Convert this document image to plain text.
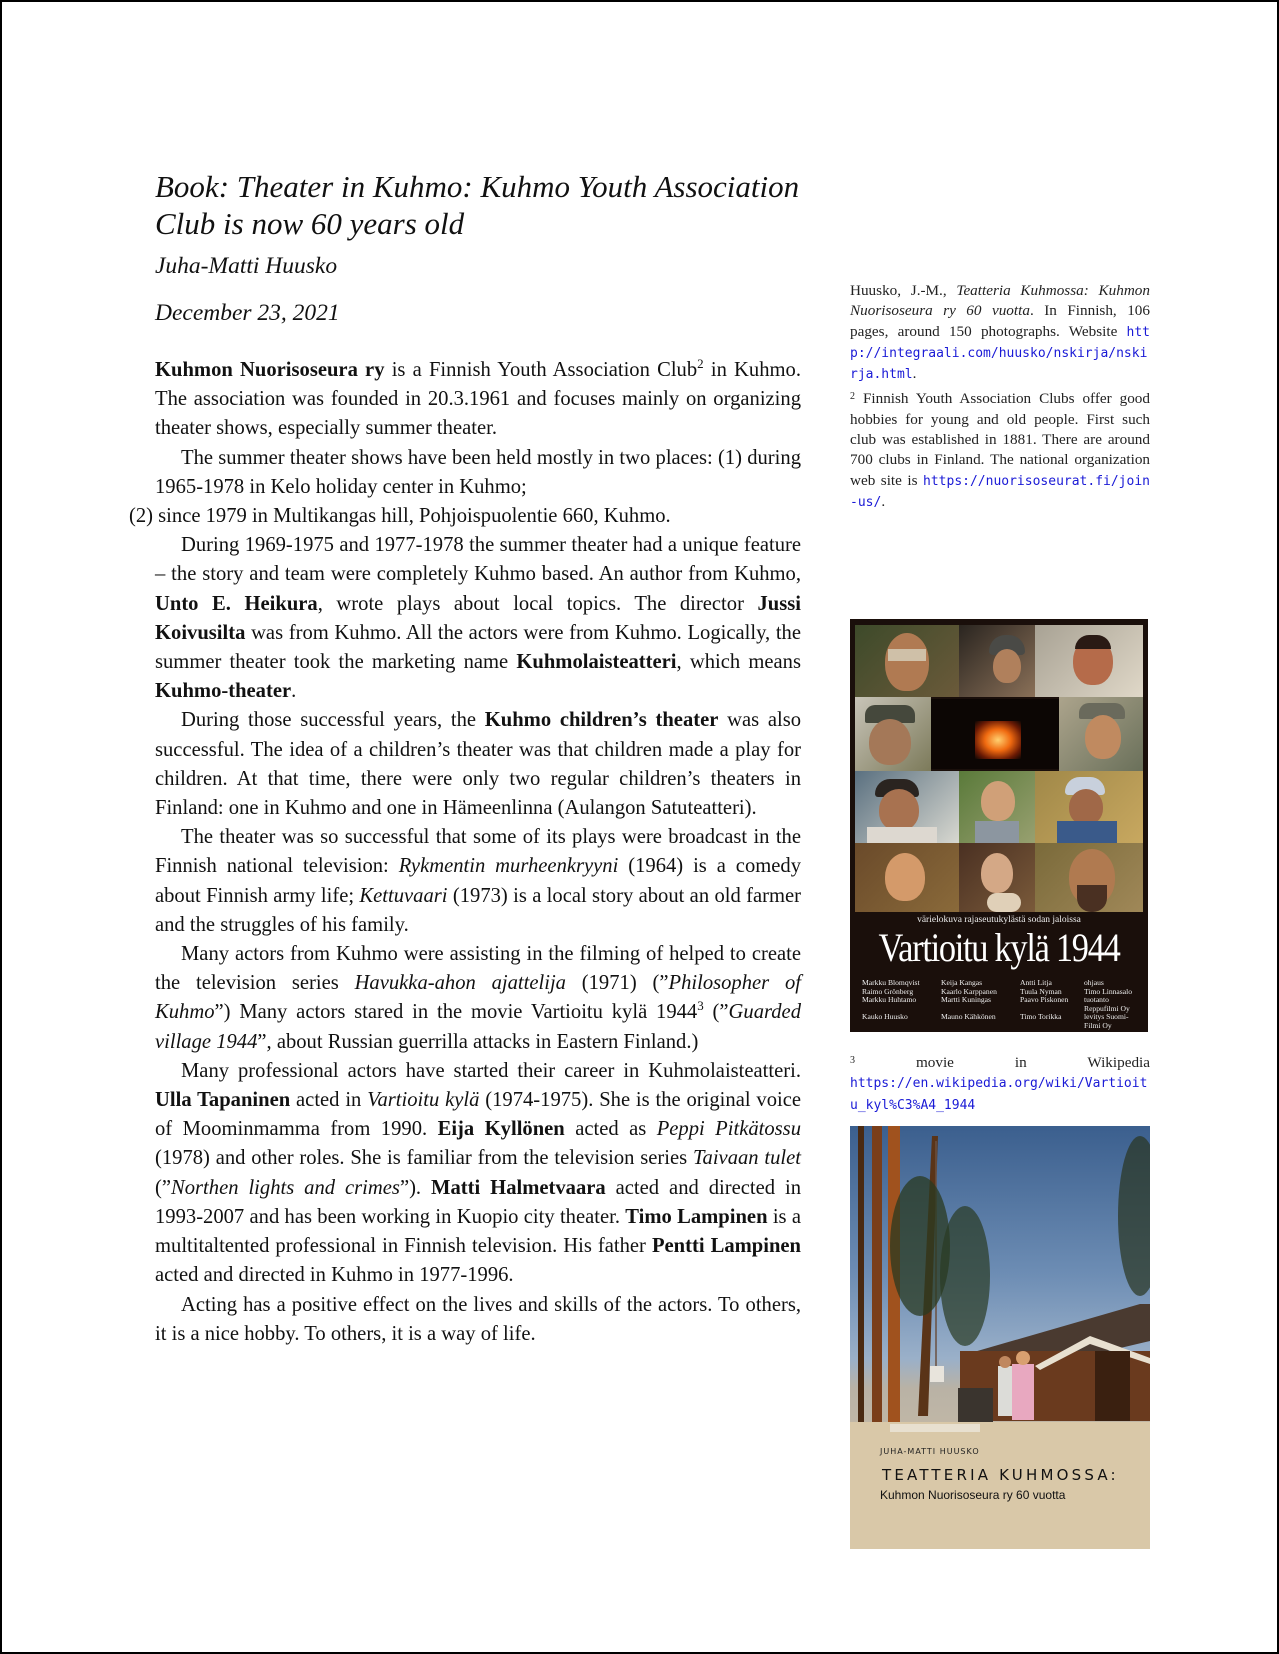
Book: Theater in Kuhmo: Kuhmo Youth Association Club is now 60 years old
Juha-Matti Huusko
December 23, 2021

Kuhmon Nuorisoseura ry is a Finnish Youth Association Club$^2$ in Kuhmo. The association was founded in 20.3.1961 and focuses mainly on organizing theater shows, especially summer theater.

The summer theater shows have been held mostly in two places: (1) during 1965-1978 in Kelo holiday center in Kuhmo;
(2) since 1979 in Multikangas hill, Pohjoispuolentie 660, Kuhmo.

During 1969-1975 and 1977-1978 the summer theater had a unique feature – the story and team were completely Kuhmo based. An author from Kuhmo, Unto E. Heikura, wrote plays about local topics. The director Jussi Koivusilta was from Kuhmo. All the actors were from Kuhmo. Logically, the summer theater took the marketing name Kuhmolaisteatteri, which means Kuhmo-theater.

During those successful years, the Kuhmo children’s theater was also successful. The idea of a children’s theater was that children made a play for children. At that time, there were only two regular children’s theaters in Finland: one in Kuhmo and one in Hämeenlinna (Aulangon Satuteatteri).

The theater was so successful that some of its plays were broadcast in the Finnish national television: Rykmentin murheenkryyni (1964) is a comedy about Finnish army life; Kettuvaari (1973) is a local story about an old farmer and the struggles of his family.

Many actors from Kuhmo were assisting in the filming of helped to create the television series Havukka-ahon ajattelija (1971) (”Philosopher of Kuhmo”) Many actors stared in the movie Vartioitu kylä 1944$^3$ (”Guarded village 1944”, about Russian guerrilla attacks in Eastern Finland.)

Many professional actors have started their career in Kuhmolaisteatteri. Ulla Tapaninen acted in Vartioitu kylä (1974-1975). She is the original voice of Moominmamma from 1990. Eija Kyllönen acted as Peppi Pitkätossu (1978) and other roles. She is familiar from the television series Taivaan tulet (”Northen lights and crimes”). Matti Halmetvaara acted and directed in 1993-2007 and has been working in Kuopio city theater. Timo Lampinen is a multitaltented professional in Finnish television. His father Pentti Lampinen acted and directed in Kuhmo in 1977-1996.

Acting has a positive effect on the lives and skills of the actors. To others, it is a nice hobby. To others, it is a way of life.

Huusko, J.-M., Teatteria Kuhmossa: Kuhmon Nuorisoseura ry 60 vuotta. In Finnish, 106 pages, around 150 photographs. Website http://integraali.com/huusko/nskirja/nskirja.html.

$^2$ Finnish Youth Association Clubs offer good hobbies for young and old people. First such club was established in 1881. There are around 700 clubs in Finland. The national organization web site is https://nuorisoseurat.fi/join-us/.

värielokuva rajaseutukylästä sodan jaloissa
Vartioitu kylä 1944
Markku Blomqvist	Keija Kangas	Antti Litja	ohjaus
Raimo Grönberg	Kaarlo Karppanen	Tuula Nyman	Timo Linnasalo
Markku Huhtamo	Martti Kuningas	Paavo Piskonen	tuotanto Reppufilmi Oy
Kauko Huusko	Mauno Kähkönen	Timo Torikka	levitys Suomi-Filmi Oy

$^3$	movie in Wikipedia

https://en.wikipedia.org/wiki/Vartioitu_kyl%C3%A4_1944

JUHA-MATTI HUUSKO
TEATTERIA KUHMOSSA:
Kuhmon Nuorisoseura ry 60 vuotta
